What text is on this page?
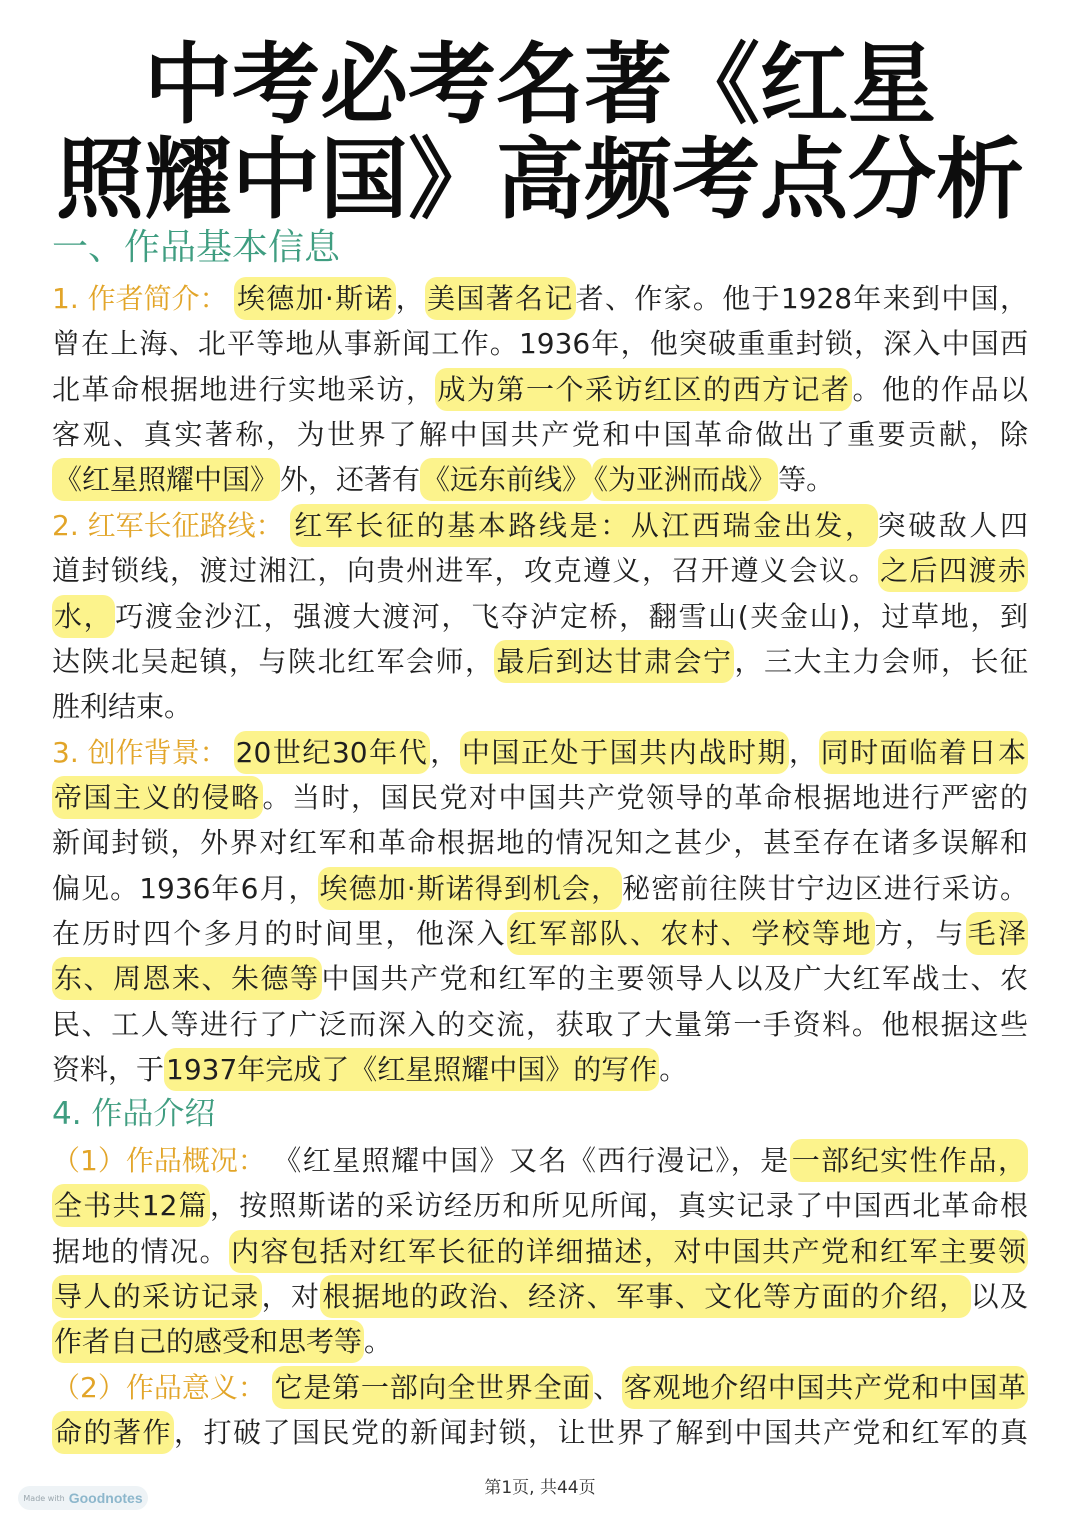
中考必考名著《红星
照耀中国》高频考点分析
一、作品基本信息
1. 作者简介： 埃德加·斯诺，美国著名记者、作家。他于1928年来到中国，
曾在上海、北平等地从事新闻工作。1936年，他突破重重封锁，深入中国西
北革命根据地进行实地采访，成为第一个采访红区的西方记者。他的作品以
客观、真实著称，为世界了解中国共产党和中国革命做出了重要贡献，除
《红星照耀中国》外，还著有《远东前线》 《为亚洲而战》等。
2. 红军长征路线： 红军长征的基本路线是：从江西瑞金出发，突破敌人四
道封锁线，渡过湘江，向贵州进军，攻克遵义，召开遵义会议。之后四渡赤
水，巧渡金沙江，强渡大渡河，飞夺泸定桥，翻雪山(夹金山)，过草地，到
达陕北吴起镇，与陕北红军会师，最后到达甘肃会宁，三大主力会师，长征
胜利结束。
3. 创作背景： 20世纪30年代，中国正处于国共内战时期，同时面临着日本
帝国主义的侵略。当时，国民党对中国共产党领导的革命根据地进行严密的
新闻封锁，外界对红军和革命根据地的情况知之甚少，甚至存在诸多误解和
偏见。1936年6月，埃德加·斯诺得到机会，秘密前往陕甘宁边区进行采访。
在历时四个多月的时间里，他深入红军部队、农村、学校等地方，与毛泽
东、周恩来、朱德等中国共产党和红军的主要领导人以及广大红军战士、农
民、工人等进行了广泛而深入的交流，获取了大量第一手资料。他根据这些
资料，于1937年完成了《红星照耀中国》的写作。
4. 作品介绍
（1）作品概况： 《红星照耀中国》又名《西行漫记》，是一部纪实性作品，
全书共12篇，按照斯诺的采访经历和所见所闻，真实记录了中国西北革命根
据地的情况。内容包括对红军长征的详细描述，对中国共产党和红军主要领
导人的采访记录，对根据地的政治、经济、军事、文化等方面的介绍，以及
作者自己的感受和思考等。
（2）作品意义： 它是第一部向全世界全面、客观地介绍中国共产党和中国革
命的著作，打破了国民党的新闻封锁，让世界了解到中国共产党和红军的真
第1页, 共44页
Made with Goodnotes
